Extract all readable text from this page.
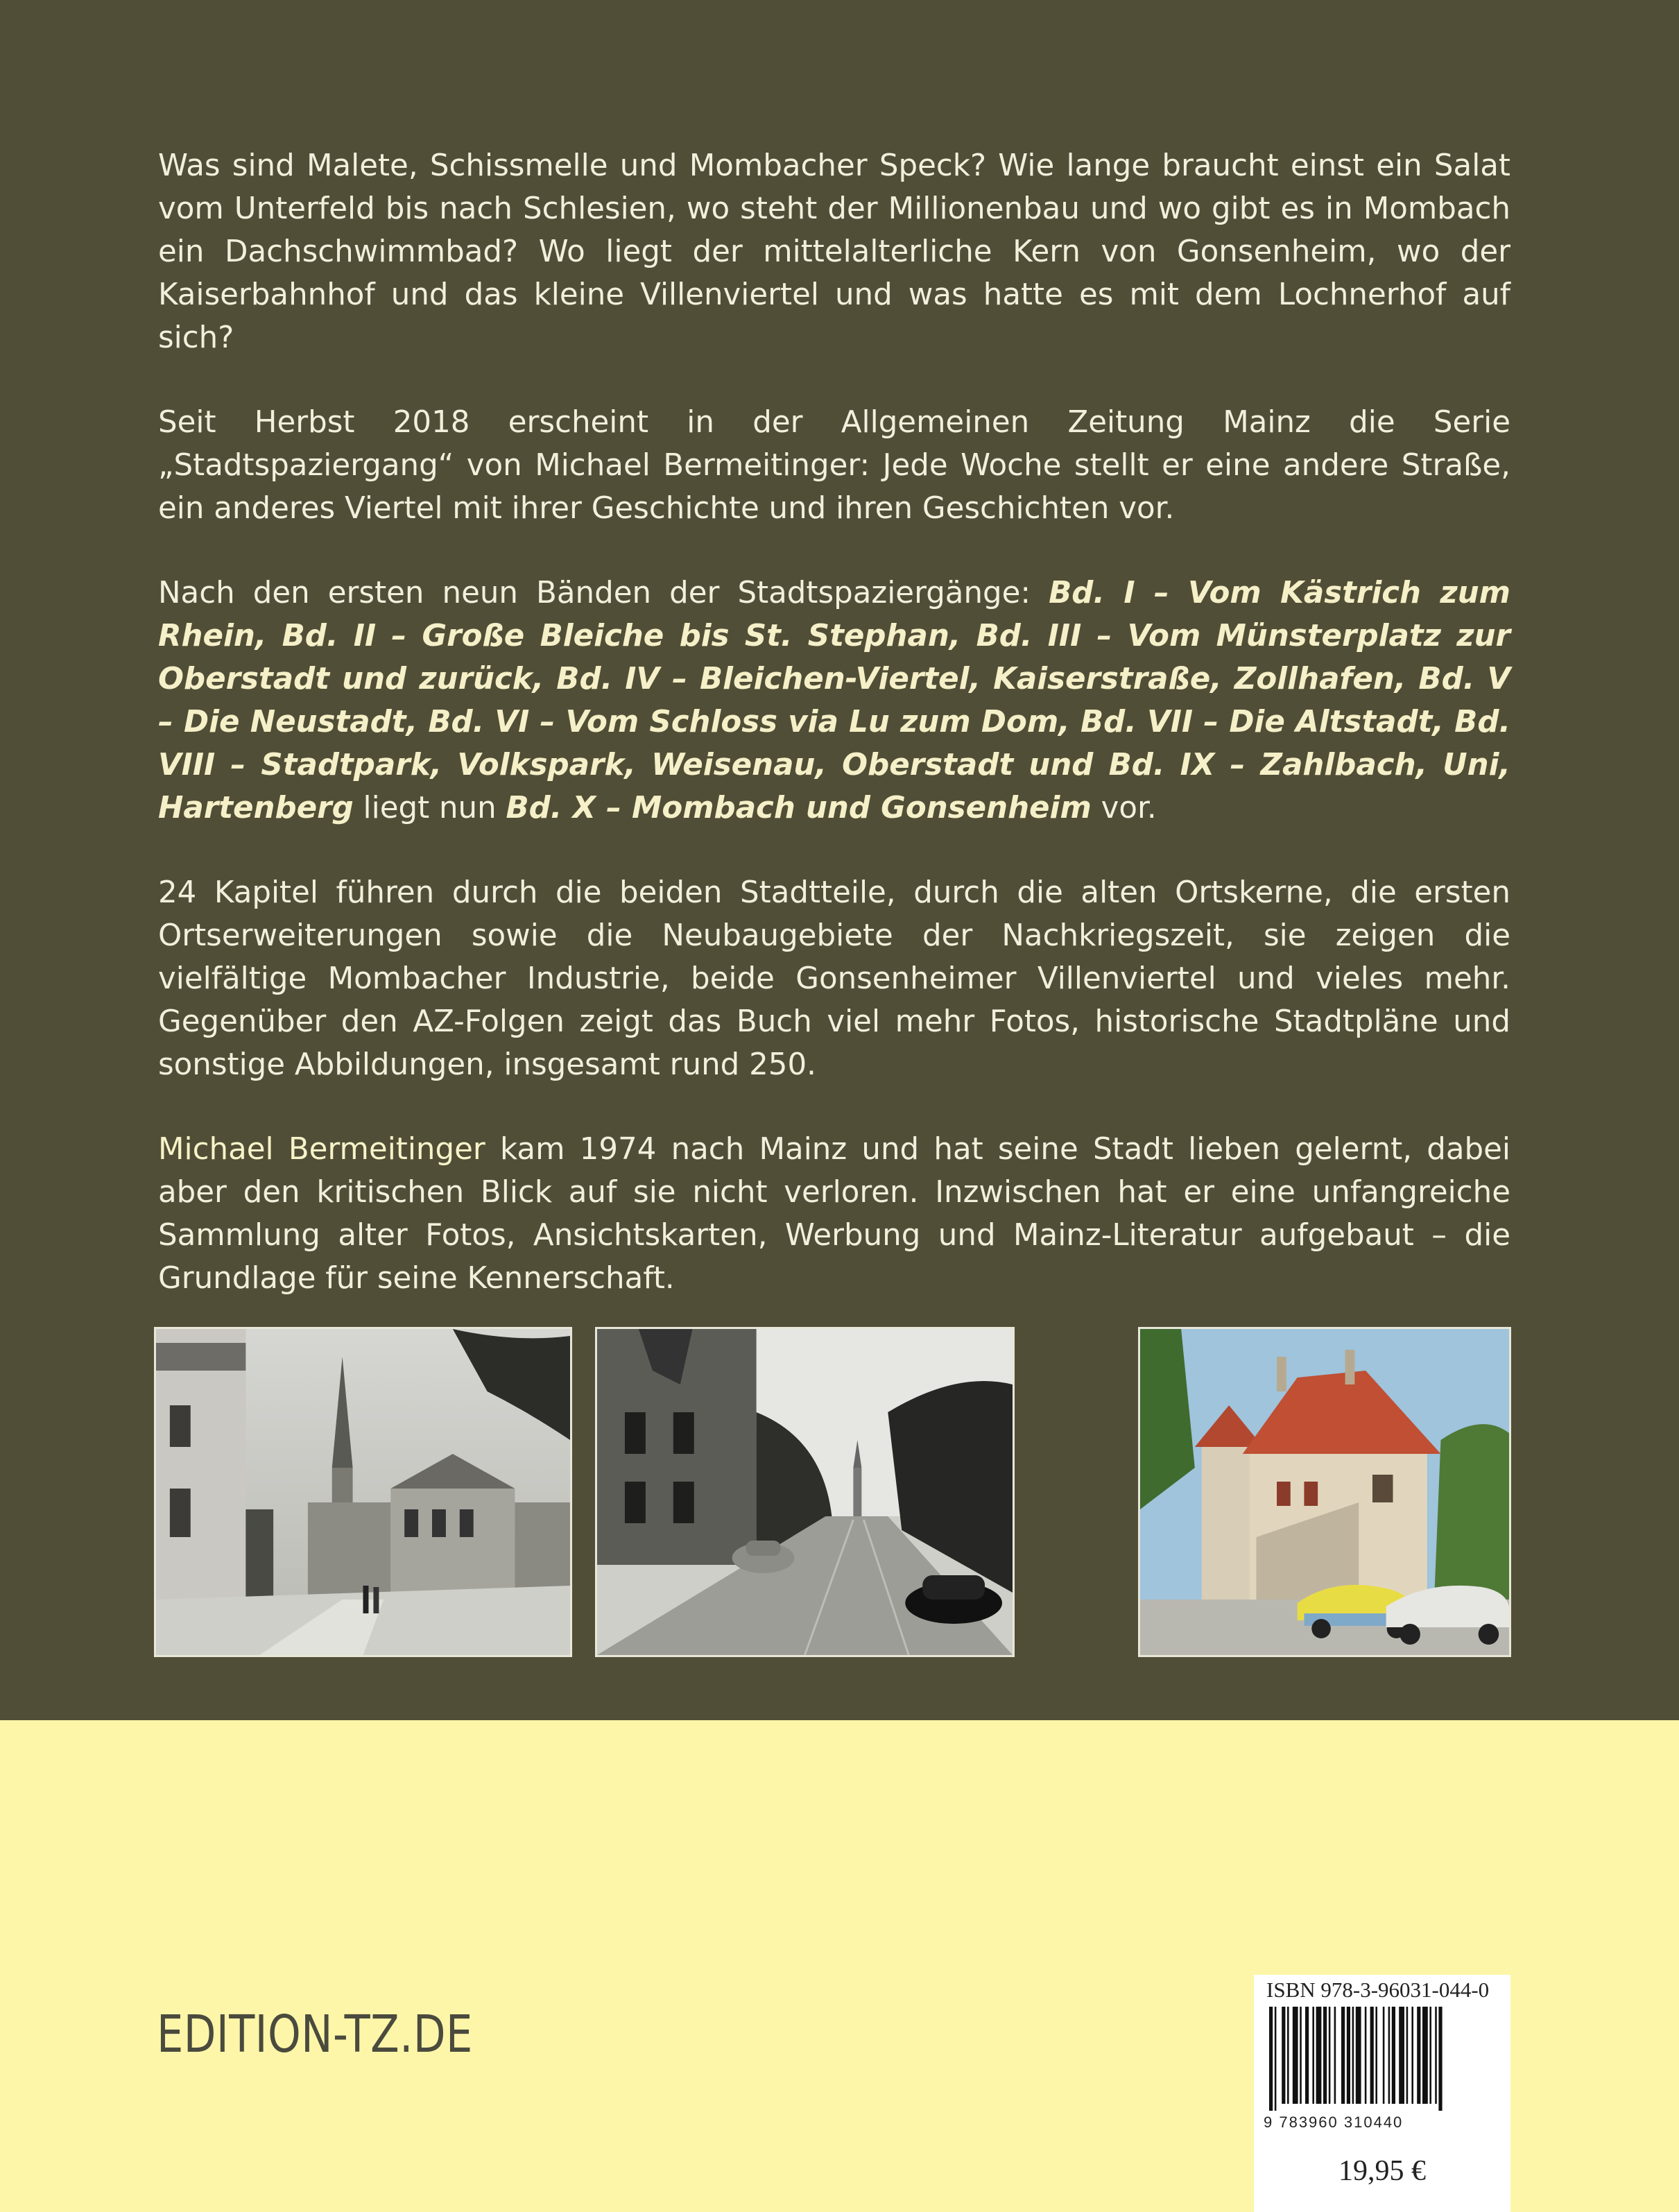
Was sind Malete, Schissmelle und Mombacher Speck? Wie lange braucht einst ein Salat vom Unterfeld bis nach Schlesien, wo steht der Millionenbau und wo gibt es in Mombach ein Dachschwimmbad? Wo liegt der mittelalterliche Kern von Gonsenheim, wo der Kaiserbahnhof und das kleine Villenviertel und was hatte es mit dem Lochnerhof auf sich?

Seit Herbst 2018 erscheint in der Allgemeinen Zeitung Mainz die Serie „Stadtspaziergang“ von Michael Bermeitinger: Jede Woche stellt er eine andere Straße, ein anderes Viertel mit ihrer Geschichte und ihren Geschichten vor.

Nach den ersten neun Bänden der Stadtspaziergänge: Bd. I – Vom Kästrich zum Rhein, Bd. II – Große Bleiche bis St. Stephan, Bd. III – Vom Münsterplatz zur Oberstadt und zurück, Bd. IV – Bleichen-Viertel, Kaiserstraße, Zollhafen, Bd. V – Die Neustadt, Bd. VI – Vom Schloss via Lu zum Dom, Bd. VII – Die Altstadt, Bd. VIII – Stadtpark, Volkspark, Weisenau, Oberstadt und Bd. IX – Zahlbach, Uni, Hartenberg liegt nun Bd. X – Mombach und Gonsenheim vor.

24 Kapitel führen durch die beiden Stadtteile, durch die alten Ortskerne, die ersten Ortserweiterungen sowie die Neubaugebiete der Nachkriegszeit, sie zeigen die vielfältige Mombacher Industrie, beide Gonsenheimer Villenviertel und vieles mehr. Gegenüber den AZ-Folgen zeigt das Buch viel mehr Fotos, historische Stadtpläne und sonstige Abbildungen, insgesamt rund 250.

Michael Bermeitinger kam 1974 nach Mainz und hat seine Stadt lieben gelernt, dabei aber den kritischen Blick auf sie nicht verloren. Inzwischen hat er eine unfangreiche Sammlung alter Fotos, Ansichtskarten, Werbung und Mainz-Literatur aufgebaut – die Grundlage für seine Kennerschaft.

EDITION-TZ.DE
ISBN 978-3-96031-044-0
9 783960 310440
19,95 €
